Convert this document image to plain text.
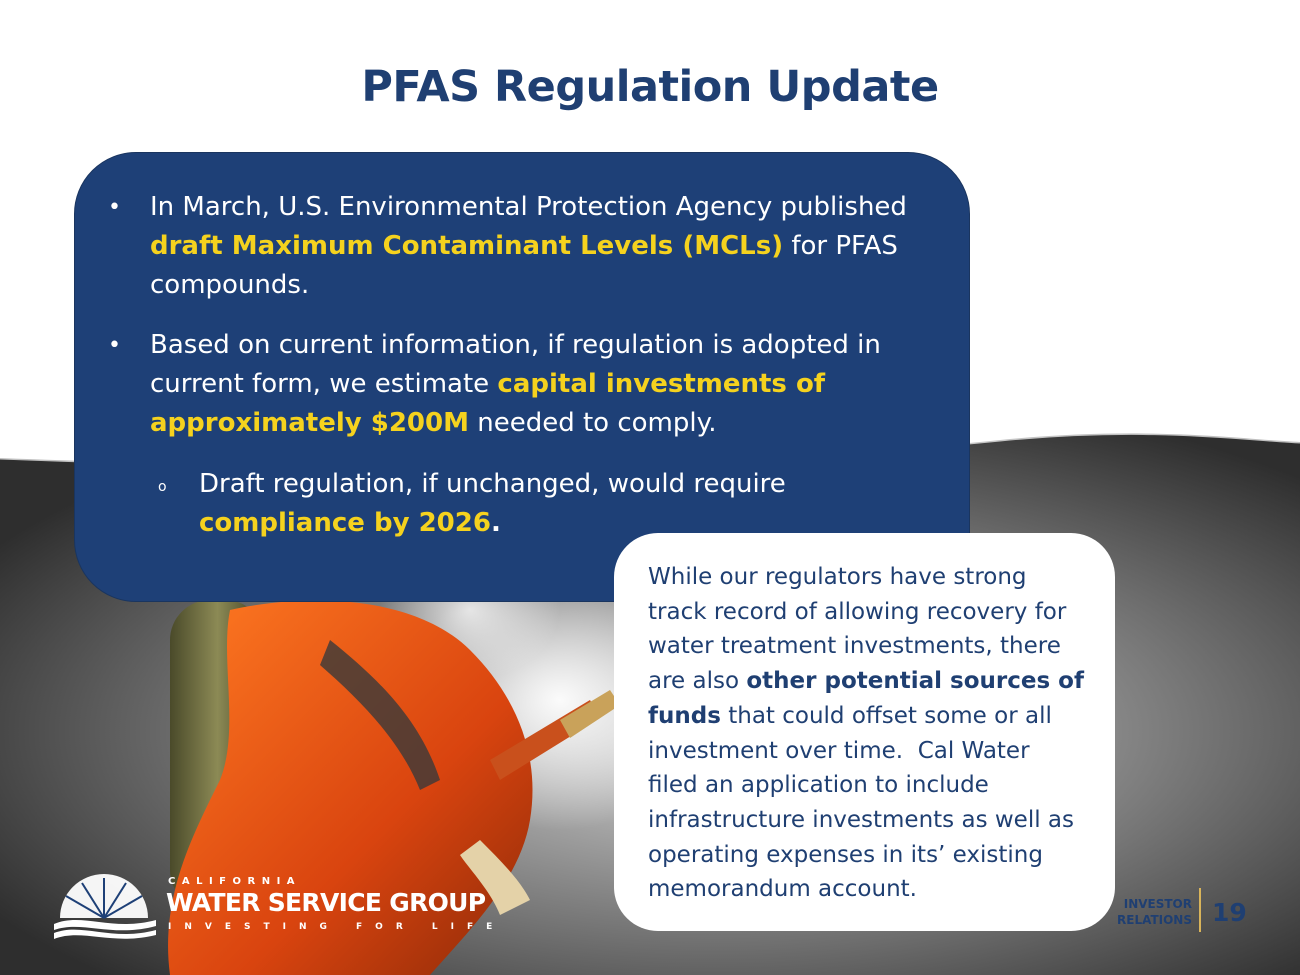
PFAS Regulation Update
• In March, U.S. Environmental Protection Agency published
draft Maximum Contaminant Levels (MCLs) for PFAS
compounds.
• Based on current information, if regulation is adopted in
current form, we estimate capital investments of
approximately $200M needed to comply.
o Draft regulation, if unchanged, would require
compliance by 2026.
While our regulators have strong
track record of allowing recovery for
water treatment investments, there
are also other potential sources of
funds that could offset some or all
investment over time.  Cal Water
filed an application to include
infrastructure investments as well as
operating expenses in its’ existing
memorandum account.
CALIFORNIA
WATER SERVICE GROUP
INVESTING FOR LIFE
INVESTOR
RELATIONS 19
